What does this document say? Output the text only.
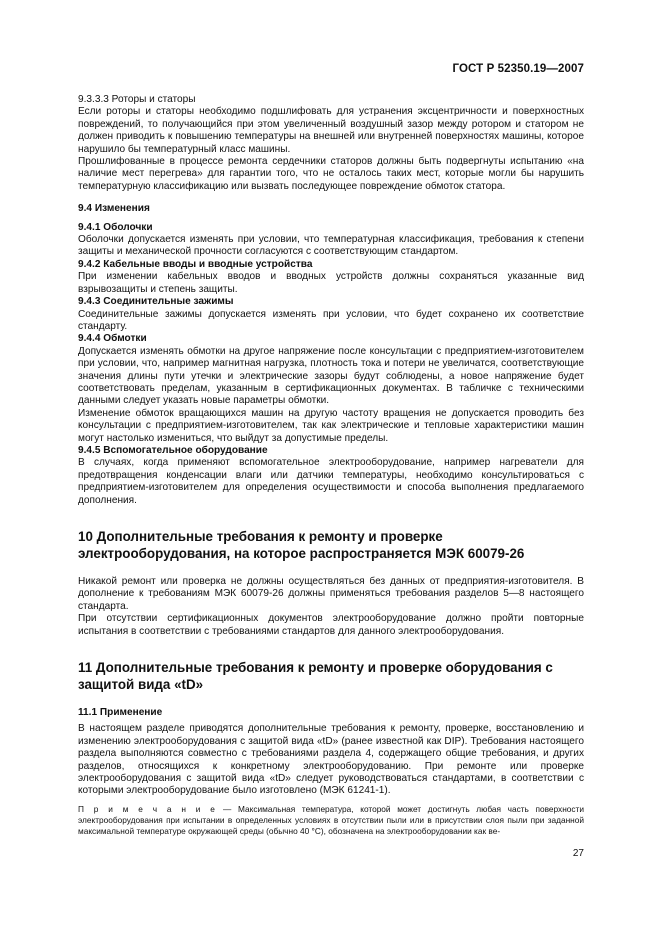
ГОСТ Р 52350.19—2007

9.3.3.3 Роторы и статоры

Если роторы и статоры необходимо подшлифовать для устранения эксцентричности и поверхностных повреждений, то получающийся при этом увеличенный воздушный зазор между ротором и статором не должен приводить к повышению температуры на внешней или внутренней поверхностях машины, которое нарушило бы температурный класс машины.

Прошлифованные в процессе ремонта сердечники статоров должны быть подвергнуты испытанию «на наличие мест перегрева» для гарантии того, что не осталось таких мест, которые могли бы нарушить температурную классификацию или вызвать последующее повреждение обмоток статора.

9.4 Изменения

9.4.1 Оболочки

Оболочки допускается изменять при условии, что температурная классификация, требования к степени защиты и механической прочности согласуются с соответствующим стандартом.

9.4.2 Кабельные вводы и вводные устройства

При изменении кабельных вводов и вводных устройств должны сохраняться указанные вид взрывозащиты и степень защиты.

9.4.3 Соединительные зажимы

Соединительные зажимы допускается изменять при условии, что будет сохранено их соответствие стандарту.

9.4.4 Обмотки

Допускается изменять обмотки на другое напряжение после консультации с предприятием-изготовителем при условии, что, например магнитная нагрузка, плотность тока и потери не увеличатся, соответствующие значения длины пути утечки и электрические зазоры будут соблюдены, а новое напряжение будет соответствовать пределам, указанным в сертификационных документах. В табличке с техническими данными следует указать новые параметры обмотки.

Изменение обмоток вращающихся машин на другую частоту вращения не допускается проводить без консультации с предприятием-изготовителем, так как электрические и тепловые характеристики машин могут настолько измениться, что выйдут за допустимые пределы.

9.4.5 Вспомогательное оборудование

В случаях, когда применяют вспомогательное электрооборудование, например нагреватели для предотвращения конденсации влаги или датчики температуры, необходимо консультироваться с предприятием-изготовителем для определения осуществимости и способа выполнения предлагаемого дополнения.

10 Дополнительные требования к ремонту и проверке электрооборудования, на которое распространяется МЭК 60079-26

Никакой ремонт или проверка не должны осуществляться без данных от предприятия-изготовителя. В дополнение к требованиям МЭК 60079-26 должны применяться требования разделов 5—8 настоящего стандарта.

При отсутствии сертификационных документов электрооборудование должно пройти повторные испытания в соответствии с требованиями стандартов для данного электрооборудования.

11 Дополнительные требования к ремонту и проверке оборудования с защитой вида «tD»

11.1 Применение

В настоящем разделе приводятся дополнительные требования к ремонту, проверке, восстановлению и изменению электрооборудования с защитой вида «tD» (ранее известной как DIP). Требования настоящего раздела выполняются совместно с требованиями раздела 4, содержащего общие требования, и других разделов, относящихся к конкретному электрооборудованию. При ремонте или проверке электрооборудования с защитой вида «tD» следует руководствоваться стандартами, в соответствии с которыми электрооборудование было изготовлено (МЭК 61241-1).

П р и м е ч а н и е — Максимальная температура, которой может достигнуть любая часть поверхности электрооборудования при испытании в определенных условиях в отсутствии пыли или в присутствии слоя пыли при заданной максимальной температуре окружающей среды (обычно 40 °С), обозначена на электрооборудовании как ве-

27
